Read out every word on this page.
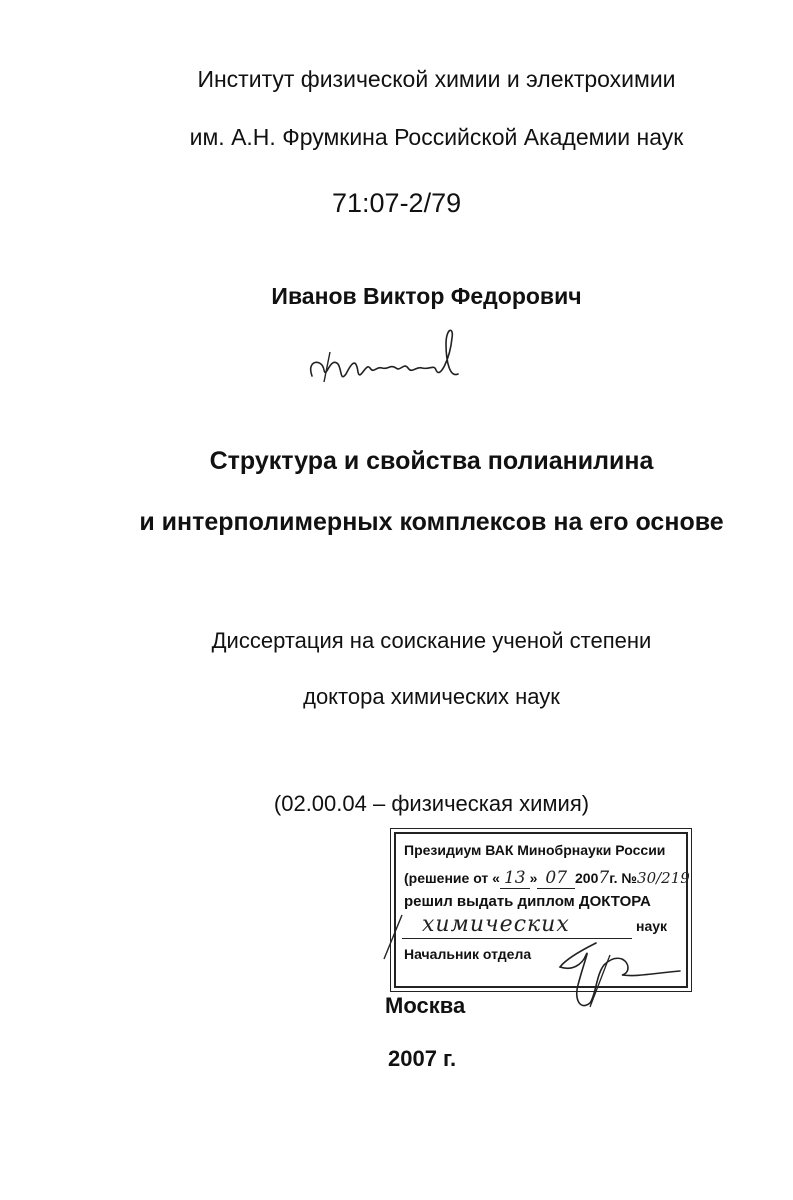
Институт физической химии и электрохимии
им. А.Н. Фрумкина Российской Академии наук
71:07-2/79
Иванов Виктор Федорович
Структура и свойства полианилина
и интерполимерных комплексов на его основе
Диссертация на соискание ученой степени
доктора химических наук
(02.00.04 – физическая химия)
Президиум ВАК Минобрнауки России
(решение от « 13 » 07 2007г. №30/219
решил выдать диплом ДОКТОРА
химических	наук
Начальник отдела
Москва
2007 г.
